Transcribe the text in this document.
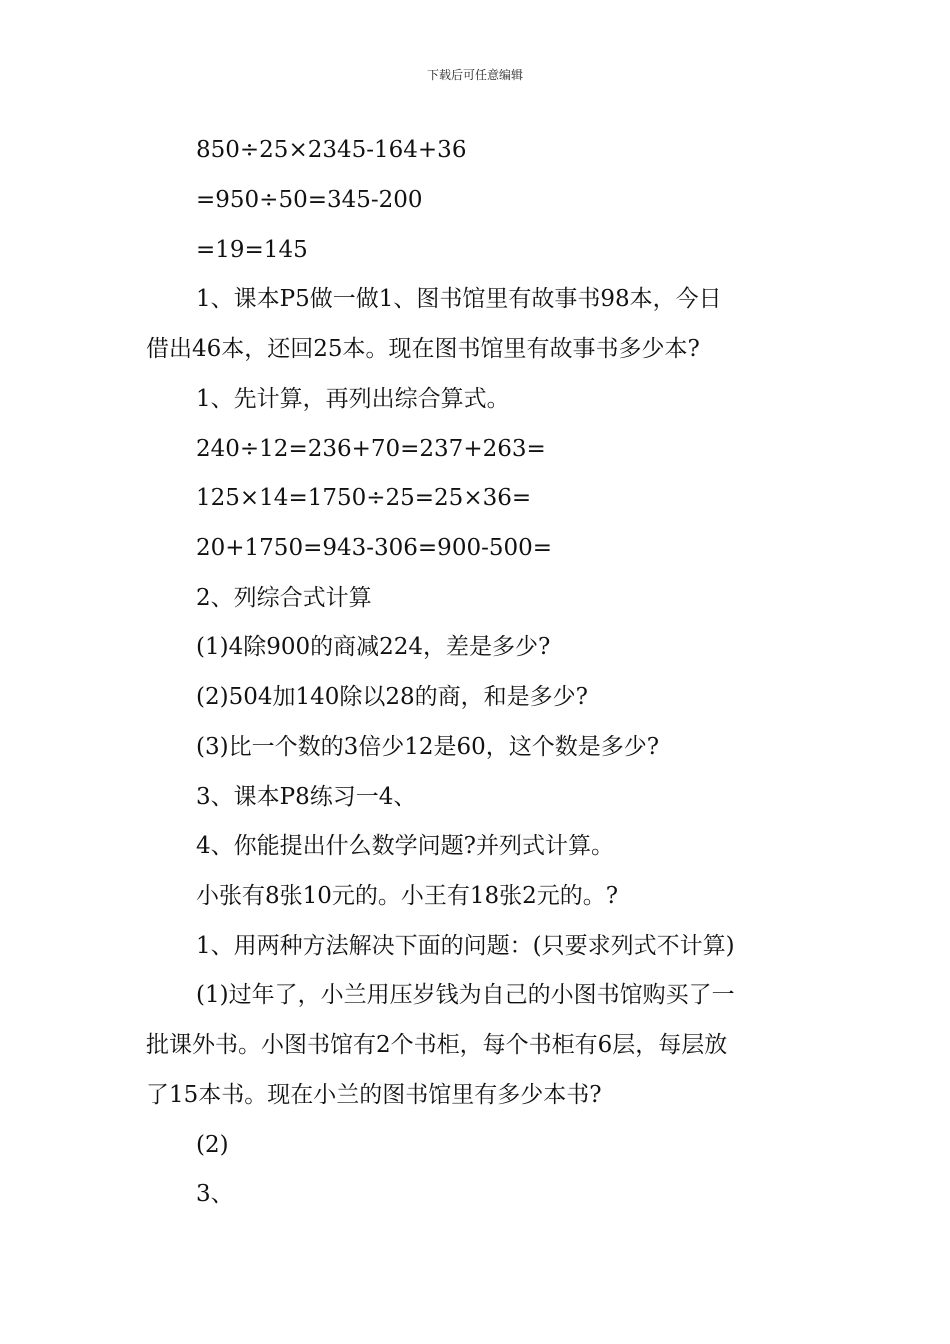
下载后可任意编辑
850÷25×2345-164+36
=950÷50=345-200
=19=145
1、课本P5做一做1、图书馆里有故事书98本，今日
借出46本，还回25本。现在图书馆里有故事书多少本?
1、先计算，再列出综合算式。
240÷12=236+70=237+263=
125×14=1750÷25=25×36=
20+1750=943-306=900-500=
2、列综合式计算
(1)4除900的商减224，差是多少?
(2)504加140除以28的商，和是多少?
(3)比一个数的3倍少12是60，这个数是多少?
3、课本P8练习一4、
4、你能提出什么数学问题?并列式计算。
小张有8张10元的。小王有18张2元的。?
1、用两种方法解决下面的问题：(只要求列式不计算)
(1)过年了，小兰用压岁钱为自己的小图书馆购买了一
批课外书。小图书馆有2个书柜，每个书柜有6层，每层放
了15本书。现在小兰的图书馆里有多少本书?
(2)
3、
